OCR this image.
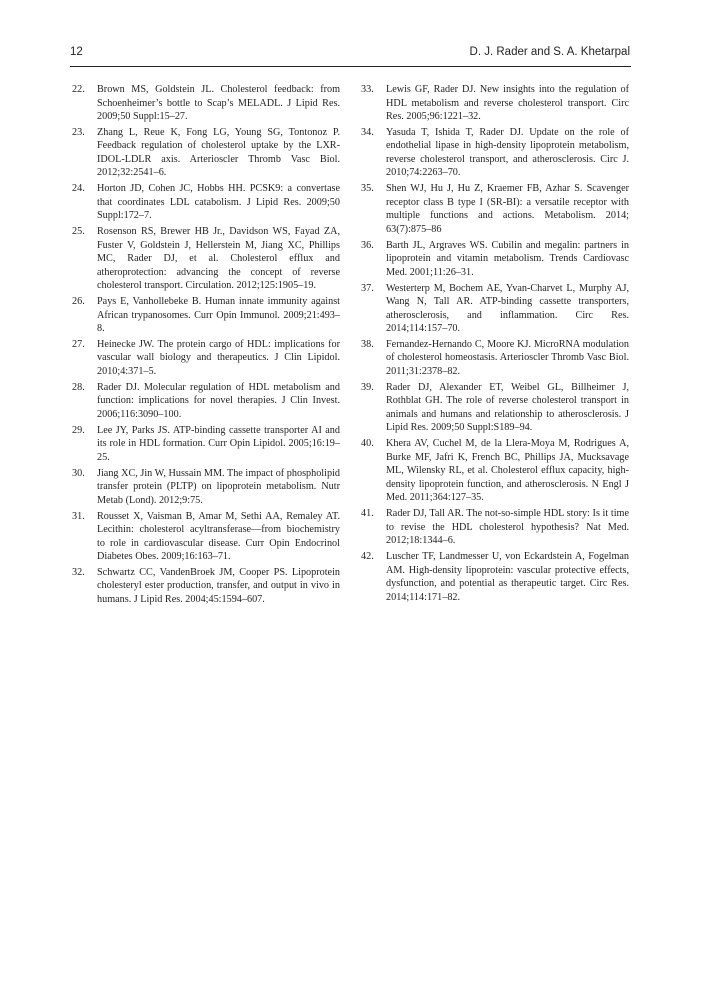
12	D. J. Rader and S. A. Khetarpal
22. Brown MS, Goldstein JL. Cholesterol feedback: from Schoenheimer’s bottle to Scap’s MELADL. J Lipid Res. 2009;50 Suppl:15–27.
23. Zhang L, Reue K, Fong LG, Young SG, Tontonoz P. Feedback regulation of cholesterol uptake by the LXR-IDOL-LDLR axis. Arterioscler Thromb Vasc Biol. 2012;32:2541–6.
24. Horton JD, Cohen JC, Hobbs HH. PCSK9: a convertase that coordinates LDL catabolism. J Lipid Res. 2009;50 Suppl:172–7.
25. Rosenson RS, Brewer HB Jr., Davidson WS, Fayad ZA, Fuster V, Goldstein J, Hellerstein M, Jiang XC, Phillips MC, Rader DJ, et al. Cholesterol efflux and atheroprotection: advancing the concept of reverse cholesterol transport. Circulation. 2012;125:1905–19.
26. Pays E, Vanhollebeke B. Human innate immunity against African trypanosomes. Curr Opin Immunol. 2009;21:493–8.
27. Heinecke JW. The protein cargo of HDL: implications for vascular wall biology and therapeutics. J Clin Lipidol. 2010;4:371–5.
28. Rader DJ. Molecular regulation of HDL metabolism and function: implications for novel therapies. J Clin Invest. 2006;116:3090–100.
29. Lee JY, Parks JS. ATP-binding cassette transporter AI and its role in HDL formation. Curr Opin Lipidol. 2005;16:19–25.
30. Jiang XC, Jin W, Hussain MM. The impact of phospholipid transfer protein (PLTP) on lipoprotein metabolism. Nutr Metab (Lond). 2012;9:75.
31. Rousset X, Vaisman B, Amar M, Sethi AA, Remaley AT. Lecithin: cholesterol acyltransferase—from biochemistry to role in cardiovascular disease. Curr Opin Endocrinol Diabetes Obes. 2009;16:163–71.
32. Schwartz CC, VandenBroek JM, Cooper PS. Lipoprotein cholesteryl ester production, transfer, and output in vivo in humans. J Lipid Res. 2004;45:1594–607.
33. Lewis GF, Rader DJ. New insights into the regulation of HDL metabolism and reverse cholesterol transport. Circ Res. 2005;96:1221–32.
34. Yasuda T, Ishida T, Rader DJ. Update on the role of endothelial lipase in high-density lipoprotein metabolism, reverse cholesterol transport, and atherosclerosis. Circ J. 2010;74:2263–70.
35. Shen WJ, Hu J, Hu Z, Kraemer FB, Azhar S. Scavenger receptor class B type I (SR-BI): a versatile receptor with multiple functions and actions. Metabolism. 2014; 63(7):875–86
36. Barth JL, Argraves WS. Cubilin and megalin: partners in lipoprotein and vitamin metabolism. Trends Cardiovasc Med. 2001;11:26–31.
37. Westerterp M, Bochem AE, Yvan-Charvet L, Murphy AJ, Wang N, Tall AR. ATP-binding cassette transporters, atherosclerosis, and inflammation. Circ Res. 2014;114:157–70.
38. Fernandez-Hernando C, Moore KJ. MicroRNA modulation of cholesterol homeostasis. Arterioscler Thromb Vasc Biol. 2011;31:2378–82.
39. Rader DJ, Alexander ET, Weibel GL, Billheimer J, Rothblat GH. The role of reverse cholesterol transport in animals and humans and relationship to atherosclerosis. J Lipid Res. 2009;50 Suppl:S189–94.
40. Khera AV, Cuchel M, de la Llera-Moya M, Rodrigues A, Burke MF, Jafri K, French BC, Phillips JA, Mucksavage ML, Wilensky RL, et al. Cholesterol efflux capacity, high-density lipoprotein function, and atherosclerosis. N Engl J Med. 2011;364:127–35.
41. Rader DJ, Tall AR. The not-so-simple HDL story: Is it time to revise the HDL cholesterol hypothesis? Nat Med. 2012;18:1344–6.
42. Luscher TF, Landmesser U, von Eckardstein A, Fogelman AM. High-density lipoprotein: vascular protective effects, dysfunction, and potential as therapeutic target. Circ Res. 2014;114:171–82.
